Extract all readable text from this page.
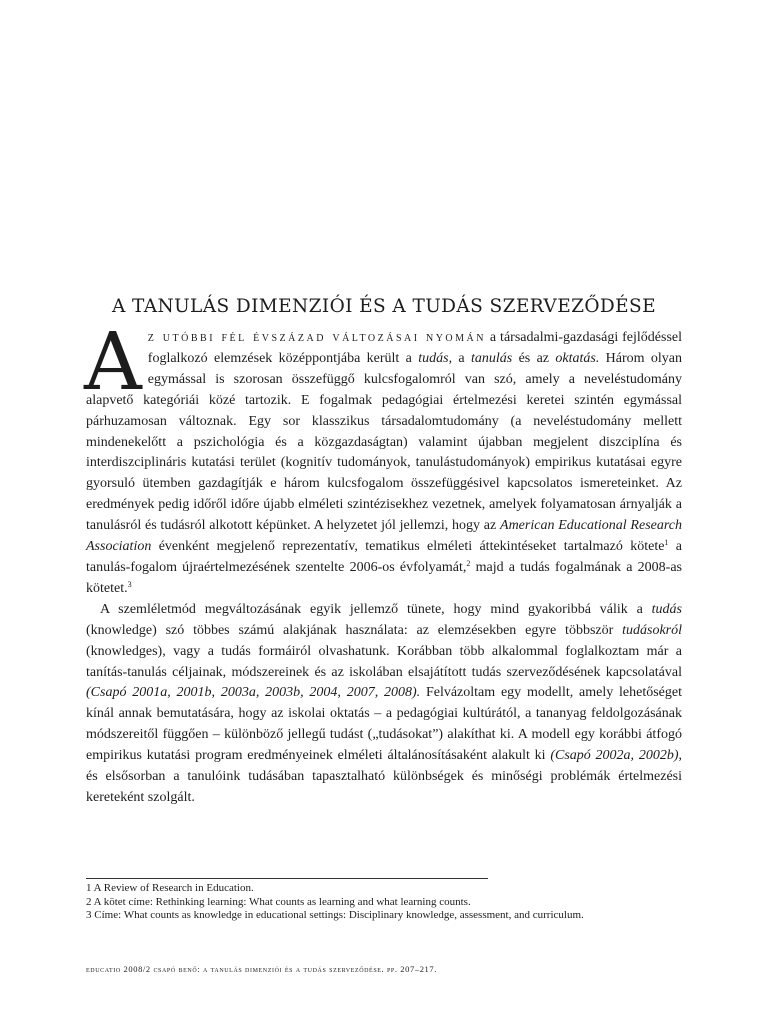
A TANULÁS DIMENZIÓI ÉS A TUDÁS SZERVEZŐDÉSE

Az utóbbi fél évszázad változásai nyomán a társadalmi-gazdasági fejlődéssel foglalkozó elemzések középpontjába került a tudás, a tanulás és az oktatás. Három olyan egymással is szorosan összefüggő kulcsfogalomról van szó, amely a neveléstudomány alapvető kategóriái közé tartozik. E fogalmak pedagógiai értelmezési keretei szintén egymással párhuzamosan változnak. Egy sor klasszikus társadalomtudomány (a neveléstudomány mellett mindenekelőtt a pszichológia és a közgazdaságtan) valamint újabban megjelent diszciplína és interdiszciplináris kutatási terület (kognitív tudományok, tanulástudományok) empirikus kutatásai egyre gyorsuló ütemben gazdagítják e három kulcsfogalom összefüggésivel kapcsolatos ismereteinket. Az eredmények pedig időről időre újabb elméleti szintézisekhez vezetnek, amelyek folyamatosan árnyalják a tanulásról és tudásról alkotott képünket. A helyzetet jól jellemzi, hogy az American Educational Research Association évenként megjelenő reprezentatív, tematikus elméleti áttekintéseket tartalmazó kötete$^1$ a tanulás-fogalom újraértelmezésének szentelte 2006-os évfolyamát,$^2$ majd a tudás fogalmának a 2008-as kötetet.$^3$

A szemléletmód megváltozásának egyik jellemző tünete, hogy mind gyakoribbá válik a tudás (knowledge) szó többes számú alakjának használata: az elemzésekben egyre többször tudásokról (knowledges), vagy a tudás formáiról olvashatunk. Korábban több alkalommal foglalkoztam már a tanítás-tanulás céljainak, módszereinek és az iskolában elsajátított tudás szerveződésének kapcsolatával (Csapó 2001a, 2001b, 2003a, 2003b, 2004, 2007, 2008). Felvázoltam egy modellt, amely lehetőséget kínál annak bemutatására, hogy az iskolai oktatás – a pedagógiai kultúrától, a tananyag feldolgozásának módszereitől függően – különböző jellegű tudást („tudásokat”) alakíthat ki. A modell egy korábbi átfogó empirikus kutatási program eredményeinek elméleti általánosításaként alakult ki (Csapó 2002a, 2002b), és elsősorban a tanulóink tudásában tapasztalható különbségek és minőségi problémák értelmezési kereteként szolgált.

1 A Review of Research in Education.

2 A kötet címe: Rethinking learning: What counts as learning and what learning counts.

3 Címe: What counts as knowledge in educational settings: Disciplinary knowledge, assessment, and curriculum.

educatio 2008/2 csapó benő: a tanulás dimenziói és a tudás szerveződése. pp. 207–217.
